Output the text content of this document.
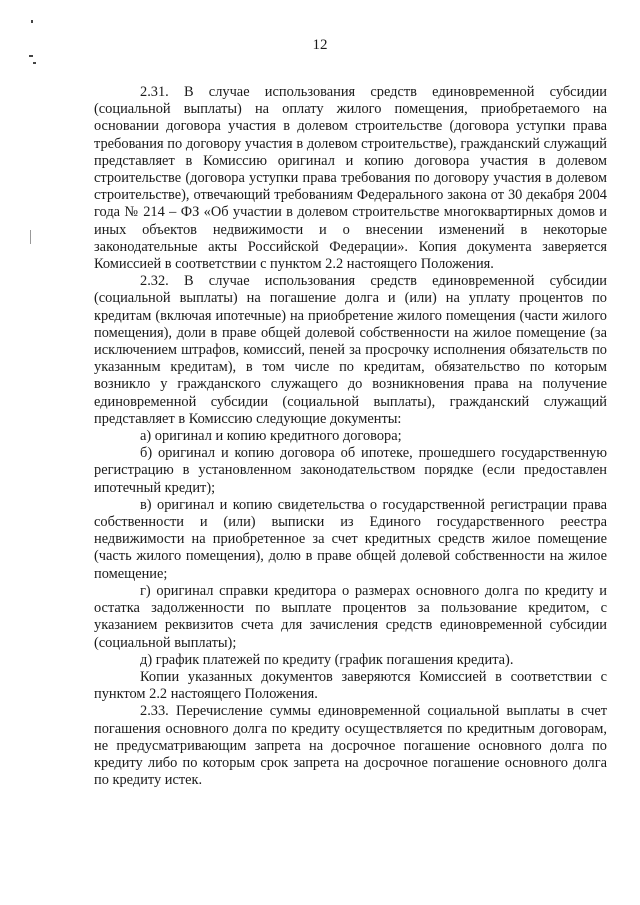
12

2.31. В случае использования средств единовременной субсидии (социальной выплаты) на оплату жилого помещения, приобретаемого на основании договора участия в долевом строительстве (договора уступки права требования по договору участия в долевом строительстве), гражданский служащий представляет в Комиссию оригинал и копию договора участия в долевом строительстве (договора уступки права требования по договору участия в долевом строительстве), отвечающий требованиям Федерального закона от 30 декабря 2004 года № 214 – ФЗ «Об участии в долевом строительстве многоквартирных домов и иных объектов недвижимости и о внесении изменений в некоторые законодательные акты Российской Федерации». Копия документа заверяется Комиссией в соответствии с пунктом 2.2 настоящего Положения.

2.32. В случае использования средств единовременной субсидии (социальной выплаты) на погашение долга и (или) на уплату процентов по кредитам (включая ипотечные) на приобретение жилого помещения (части жилого помещения), доли в праве общей долевой собственности на жилое помещение (за исключением штрафов, комиссий, пеней за просрочку исполнения обязательств по указанным кредитам), в том числе по кредитам, обязательство по которым возникло у гражданского служащего до возникновения права на получение единовременной субсидии (социальной выплаты), гражданский служащий представляет в Комиссию следующие документы:

а) оригинал и копию кредитного договора;

б) оригинал и копию договора об ипотеке, прошедшего государственную регистрацию в установленном законодательством порядке (если предоставлен ипотечный кредит);

в) оригинал и копию свидетельства о государственной регистрации права собственности и (или) выписки из Единого государственного реестра недвижимости на приобретенное за счет кредитных средств жилое помещение (часть жилого помещения), долю в праве общей долевой собственности на жилое помещение;

г) оригинал справки кредитора о размерах основного долга по кредиту и остатка задолженности по выплате процентов за пользование кредитом, с указанием реквизитов счета для зачисления средств единовременной субсидии (социальной выплаты);

д) график платежей по кредиту (график погашения кредита).

Копии указанных документов заверяются Комиссией в соответствии с пунктом 2.2 настоящего Положения.

2.33. Перечисление суммы единовременной социальной выплаты в счет погашения основного долга по кредиту осуществляется по кредитным договорам, не предусматривающим запрета на досрочное погашение основного долга по кредиту либо по которым срок запрета на досрочное погашение основного долга по кредиту истек.
